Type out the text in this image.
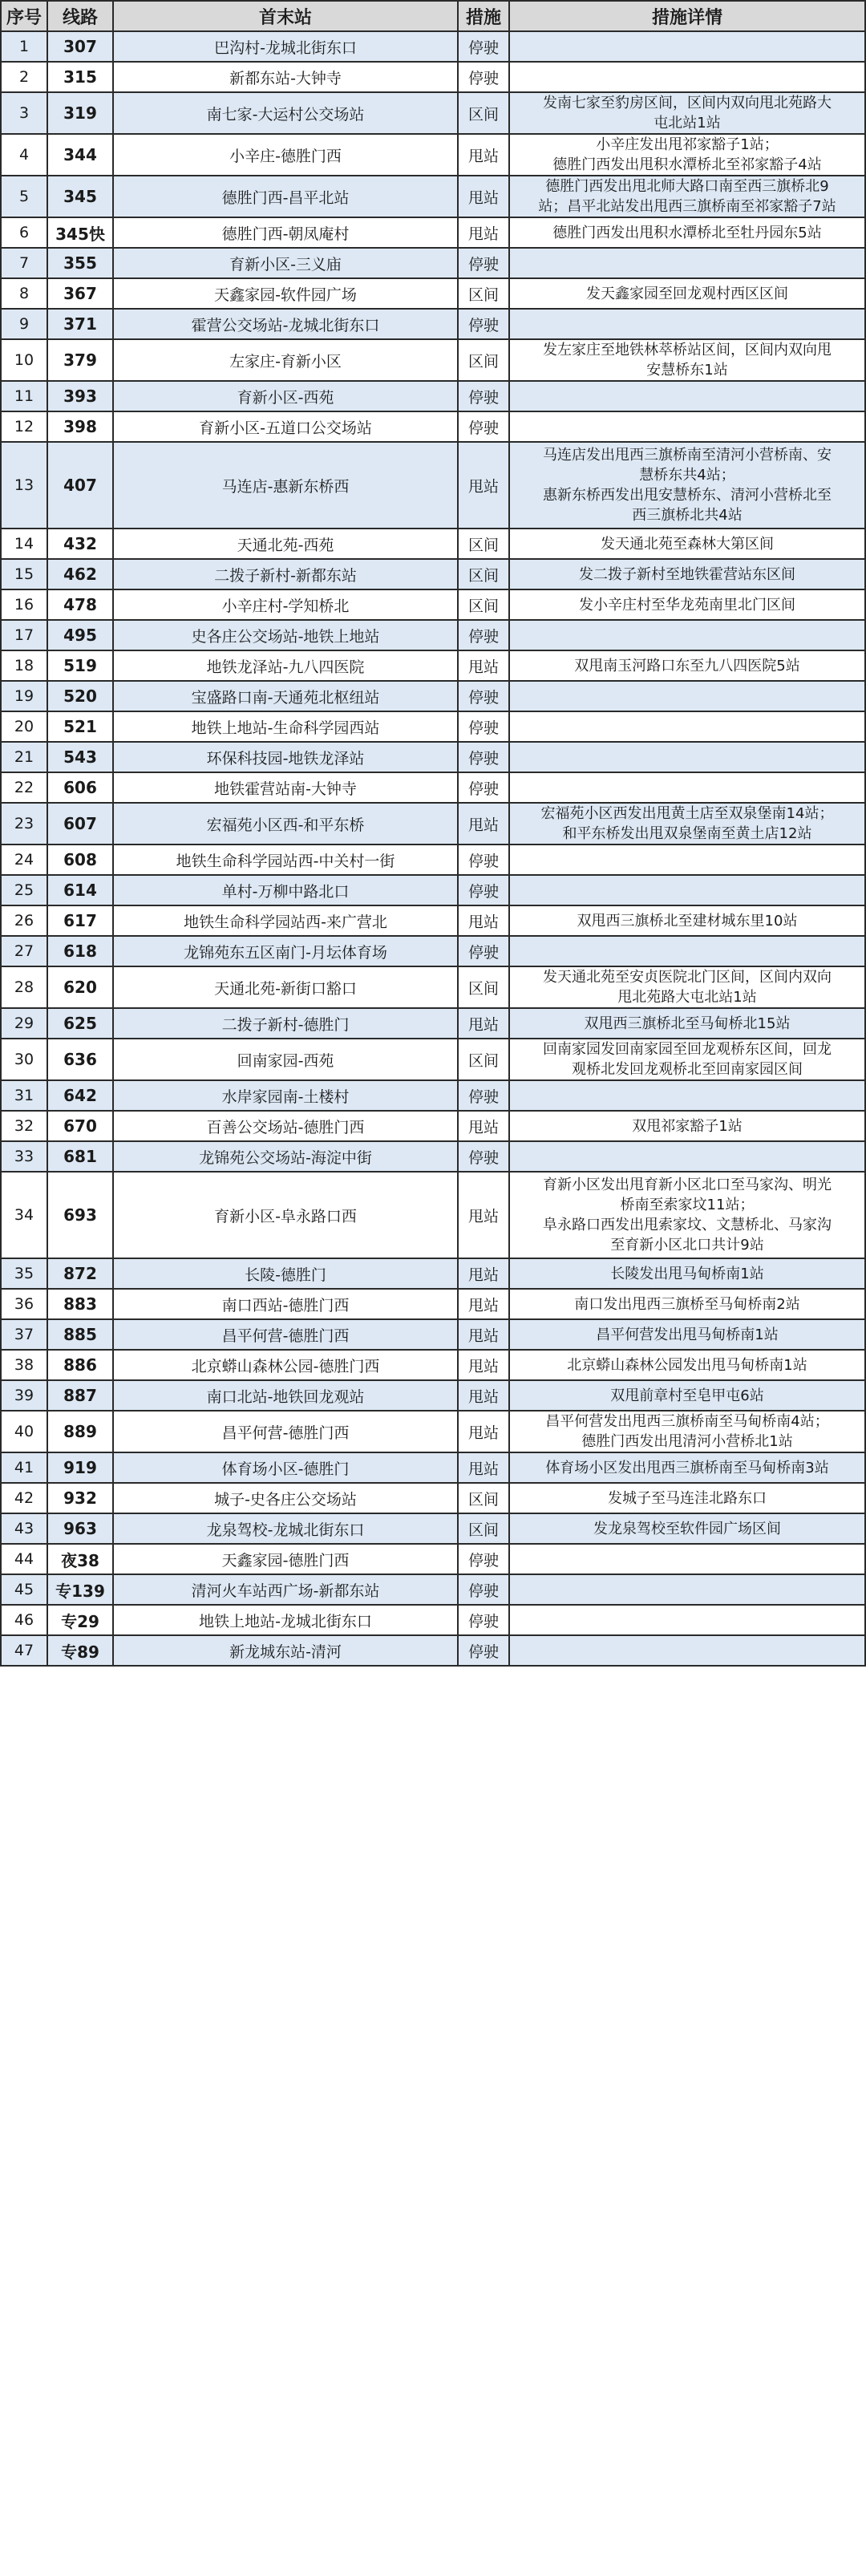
序号	线路	首末站	措施	措施详情
1	307	巴沟村-龙城北街东口	停驶	
2	315	新都东站-大钟寺	停驶	
3	319	南七家-大运村公交场站	区间	发南七家至豹房区间，区间内双向甩北苑路大
屯北站1站

4	344	小辛庄-德胜门西	甩站	小辛庄发出甩祁家豁子1站；
德胜门西发出甩积水潭桥北至祁家豁子4站

5	345	德胜门西-昌平北站	甩站	德胜门西发出甩北师大路口南至西三旗桥北9
站；昌平北站发出甩西三旗桥南至祁家豁子7站

6	345快	德胜门西-朝凤庵村	甩站	德胜门西发出甩积水潭桥北至牡丹园东5站

7	355	育新小区-三义庙	停驶	
8	367	天鑫家园-软件园广场	区间	发天鑫家园至回龙观村西区区间

9	371	霍营公交场站-龙城北街东口	停驶	
10	379	左家庄-育新小区	区间	发左家庄至地铁林萃桥站区间，区间内双向甩
安慧桥东1站

11	393	育新小区-西苑	停驶	
12	398	育新小区-五道口公交场站	停驶	
13	407	马连店-惠新东桥西	甩站	马连店发出甩西三旗桥南至清河小营桥南、安
慧桥东共4站；
惠新东桥西发出甩安慧桥东、清河小营桥北至
西三旗桥北共4站

14	432	天通北苑-西苑	区间	发天通北苑至森林大第区间

15	462	二拨子新村-新都东站	区间	发二拨子新村至地铁霍营站东区间

16	478	小辛庄村-学知桥北	区间	发小辛庄村至华龙苑南里北门区间

17	495	史各庄公交场站-地铁上地站	停驶	
18	519	地铁龙泽站-九八四医院	甩站	双甩南玉河路口东至九八四医院5站

19	520	宝盛路口南-天通苑北枢纽站	停驶	
20	521	地铁上地站-生命科学园西站	停驶	
21	543	环保科技园-地铁龙泽站	停驶	
22	606	地铁霍营站南-大钟寺	停驶	
23	607	宏福苑小区西-和平东桥	甩站	宏福苑小区西发出甩黄土店至双泉堡南14站；
和平东桥发出甩双泉堡南至黄土店12站

24	608	地铁生命科学园站西-中关村一街	停驶	
25	614	单村-万柳中路北口	停驶	
26	617	地铁生命科学园站西-来广营北	甩站	双甩西三旗桥北至建材城东里10站

27	618	龙锦苑东五区南门-月坛体育场	停驶	
28	620	天通北苑-新街口豁口	区间	发天通北苑至安贞医院北门区间，区间内双向
甩北苑路大屯北站1站

29	625	二拨子新村-德胜门	甩站	双甩西三旗桥北至马甸桥北15站

30	636	回南家园-西苑	区间	回南家园发回南家园至回龙观桥东区间，回龙
观桥北发回龙观桥北至回南家园区间

31	642	水岸家园南-土楼村	停驶	
32	670	百善公交场站-德胜门西	甩站	双甩祁家豁子1站

33	681	龙锦苑公交场站-海淀中街	停驶	
34	693	育新小区-阜永路口西	甩站	育新小区发出甩育新小区北口至马家沟、明光
桥南至索家坟11站；
阜永路口西发出甩索家坟、文慧桥北、马家沟
至育新小区北口共计9站

35	872	长陵-德胜门	甩站	长陵发出甩马甸桥南1站

36	883	南口西站-德胜门西	甩站	南口发出甩西三旗桥至马甸桥南2站

37	885	昌平何营-德胜门西	甩站	昌平何营发出甩马甸桥南1站

38	886	北京蟒山森林公园-德胜门西	甩站	北京蟒山森林公园发出甩马甸桥南1站

39	887	南口北站-地铁回龙观站	甩站	双甩前章村至皂甲屯6站

40	889	昌平何营-德胜门西	甩站	昌平何营发出甩西三旗桥南至马甸桥南4站；
德胜门西发出甩清河小营桥北1站

41	919	体育场小区-德胜门	甩站	体育场小区发出甩西三旗桥南至马甸桥南3站

42	932	城子-史各庄公交场站	区间	发城子至马连洼北路东口

43	963	龙泉驾校-龙城北街东口	区间	发龙泉驾校至软件园广场区间

44	夜38	天鑫家园-德胜门西	停驶	
45	专139	清河火车站西广场-新都东站	停驶	
46	专29	地铁上地站-龙城北街东口	停驶	
47	专89	新龙城东站-清河	停驶	
